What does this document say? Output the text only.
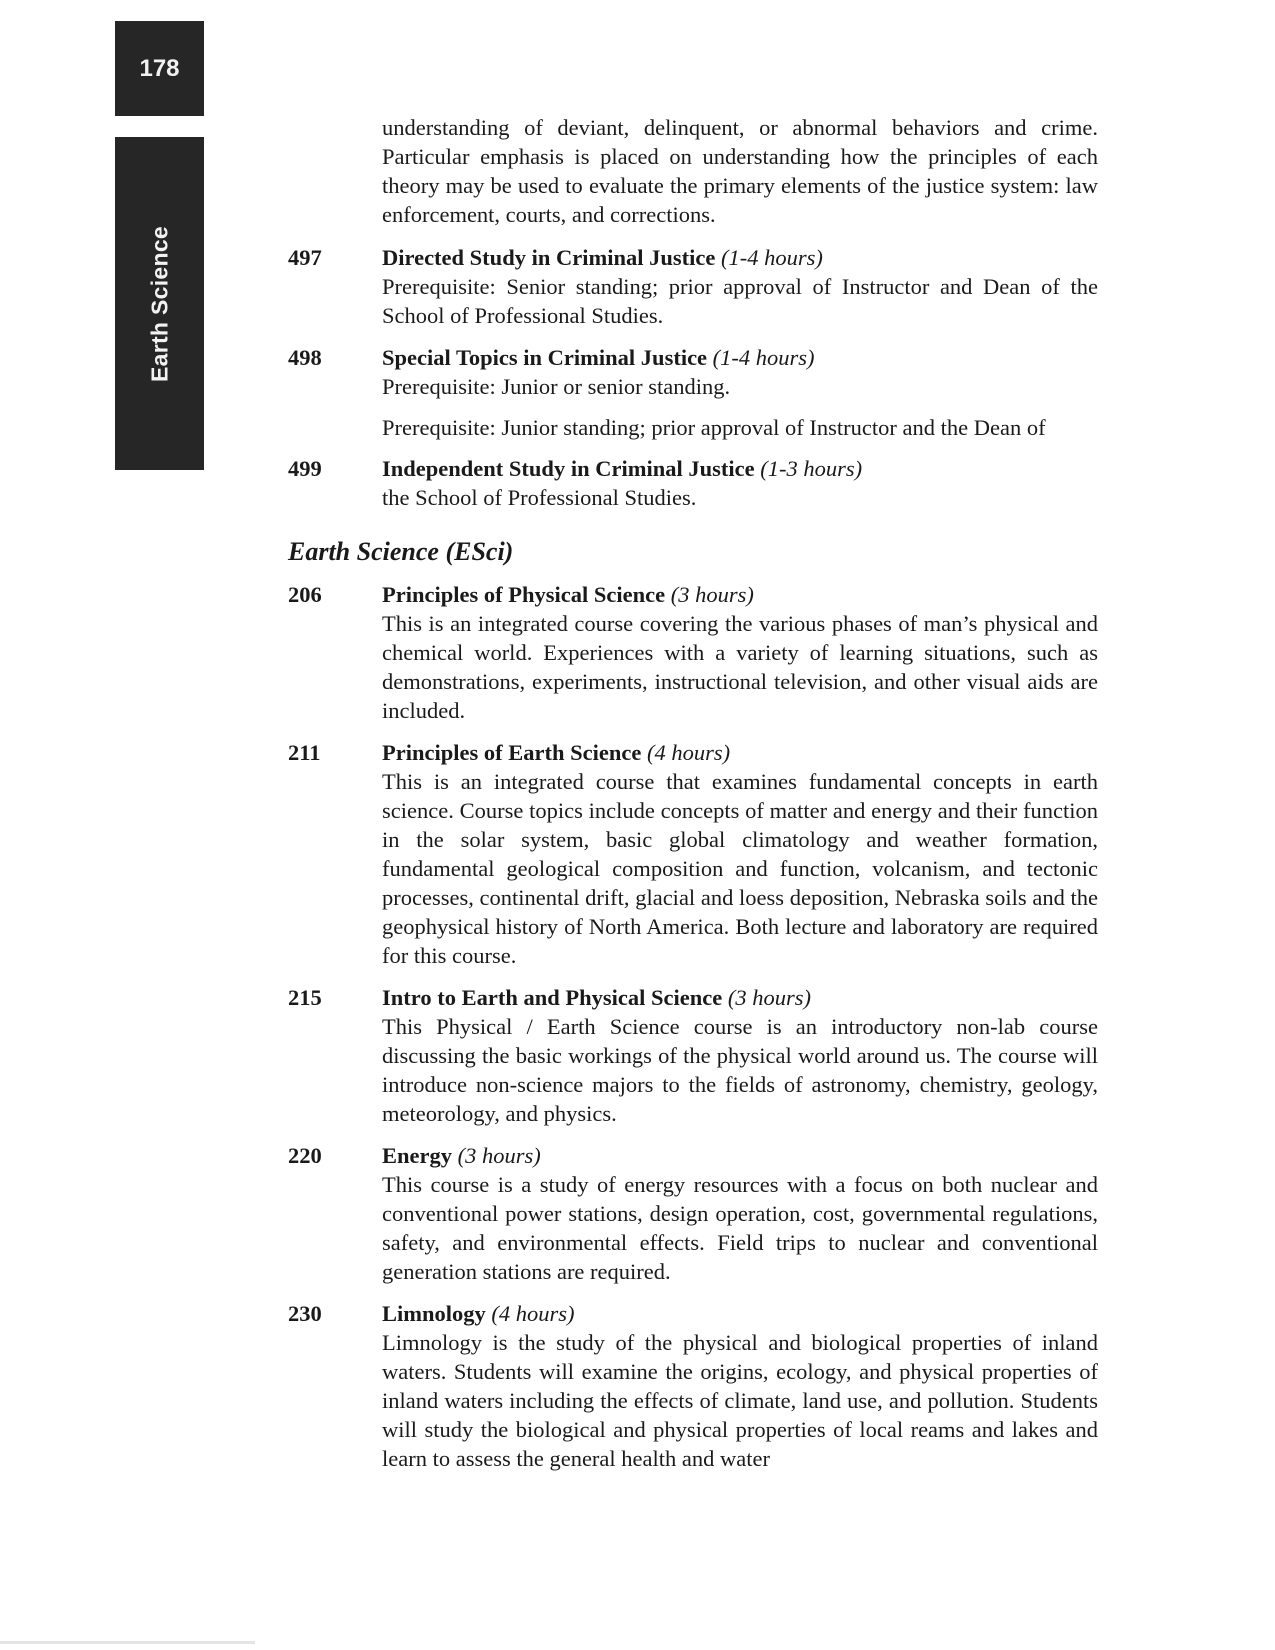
178
Earth Science

understanding of deviant, delinquent, or abnormal behaviors and crime. Particular emphasis is placed on understanding how the principles of each theory may be used to evaluate the primary elements of the justice system: law enforcement, courts, and corrections.

497	Directed Study in Criminal Justice (1-4 hours)
Prerequisite: Senior standing; prior approval of Instructor and Dean of the School of Professional Studies.
498	Special Topics in Criminal Justice (1-4 hours)
Prerequisite: Junior or senior standing.
Prerequisite: Junior standing; prior approval of Instructor and the Dean of
499	Independent Study in Criminal Justice (1-3 hours)
the School of Professional Studies.
Earth Science (ESci)
206	Principles of Physical Science (3 hours)
This is an integrated course covering the various phases of man’s physical and chemical world. Experiences with a variety of learning situations, such as demonstrations, experiments, instructional television, and other visual aids are included.
211	Principles of Earth Science (4 hours)
This is an integrated course that examines fundamental concepts in earth science. Course topics include concepts of matter and energy and their function in the solar system, basic global climatology and weather formation, fundamental geological composition and function, volcanism, and tectonic processes, continental drift, glacial and loess deposition, Nebraska soils and the geophysical history of North America. Both lecture and laboratory are required for this course.
215	Intro to Earth and Physical Science (3 hours)
This Physical / Earth Science course is an introductory non-lab course discussing the basic workings of the physical world around us. The course will introduce non-science majors to the fields of astronomy, chemistry, geology, meteorology, and physics.
220	Energy (3 hours)
This course is a study of energy resources with a focus on both nuclear and conventional power stations, design operation, cost, governmental regulations, safety, and environmental effects. Field trips to nuclear and conventional generation stations are required.
230	Limnology (4 hours)
Limnology is the study of the physical and biological properties of inland waters. Students will examine the origins, ecology, and physical properties of inland waters including the effects of climate, land use, and pollution. Students will study the biological and physical properties of local reams and lakes and learn to assess the general health and water
